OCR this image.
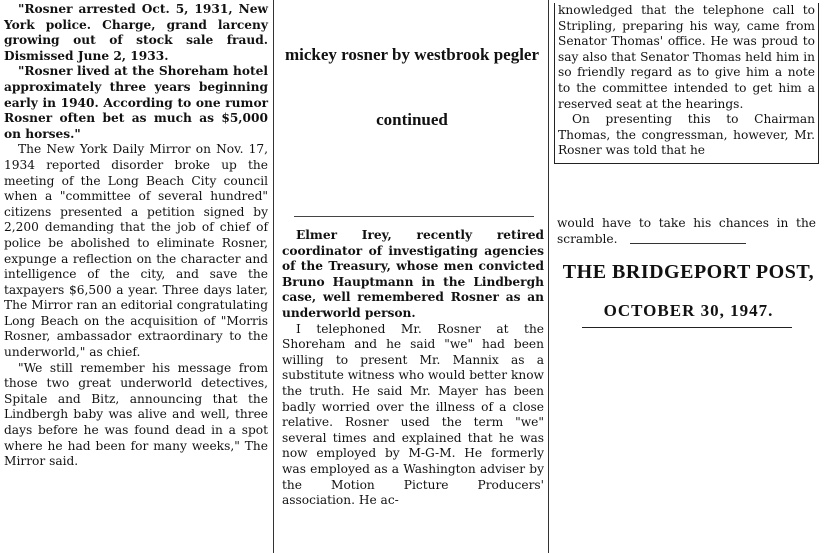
"Rosner arrested Oct. 5, 1931, New York police. Charge, grand larceny growing out of stock sale fraud. Dismissed June 2, 1933.

"Rosner lived at the Shoreham hotel approximately three years beginning early in 1940. According to one rumor Rosner often bet as much as $5,000 on horses."

The New York Daily Mirror on Nov. 17, 1934 reported disorder broke up the meeting of the Long Beach City council when a "committee of several hundred" citizens presented a petition signed by 2,200 demanding that the job of chief of police be abolished to eliminate Rosner, expunge a reflection on the character and intelligence of the city, and save the taxpayers $6,500 a year. Three days later, The Mirror ran an editorial congratulating Long Beach on the acquisition of "Morris Rosner, ambassador extraordinary to the underworld," as chief.

"We still remember his message from those two great underworld detectives, Spitale and Bitz, announcing that the Lindbergh baby was alive and well, three days before he was found dead in a spot where he had been for many weeks," The Mirror said.

mickey rosner by westbrook pegler
continued

Elmer Irey, recently retired coordinator of investigating agencies of the Treasury, whose men convicted Bruno Hauptmann in the Lindbergh case, well remembered Rosner as an underworld person.

I telephoned Mr. Rosner at the Shoreham and he said "we" had been willing to present Mr. Mannix as a substitute witness who would better know the truth. He said Mr. Mayer has been badly worried over the illness of a close relative. Rosner used the term "we" several times and explained that he was now employed by M-G-M. He formerly was employed as a Washington adviser by the Motion Picture Producers' association. He ac-

knowledged that the telephone call to Stripling, preparing his way, came from Senator Thomas' office. He was proud to say also that Senator Thomas held him in so friendly regard as to give him a note to the committee intended to get him a reserved seat at the hearings.

On presenting this to Chairman Thomas, the congressman, however, Mr. Rosner was told that he

would have to take his chances in the scramble.

THE BRIDGEPORT POST,
OCTOBER 30, 1947.
